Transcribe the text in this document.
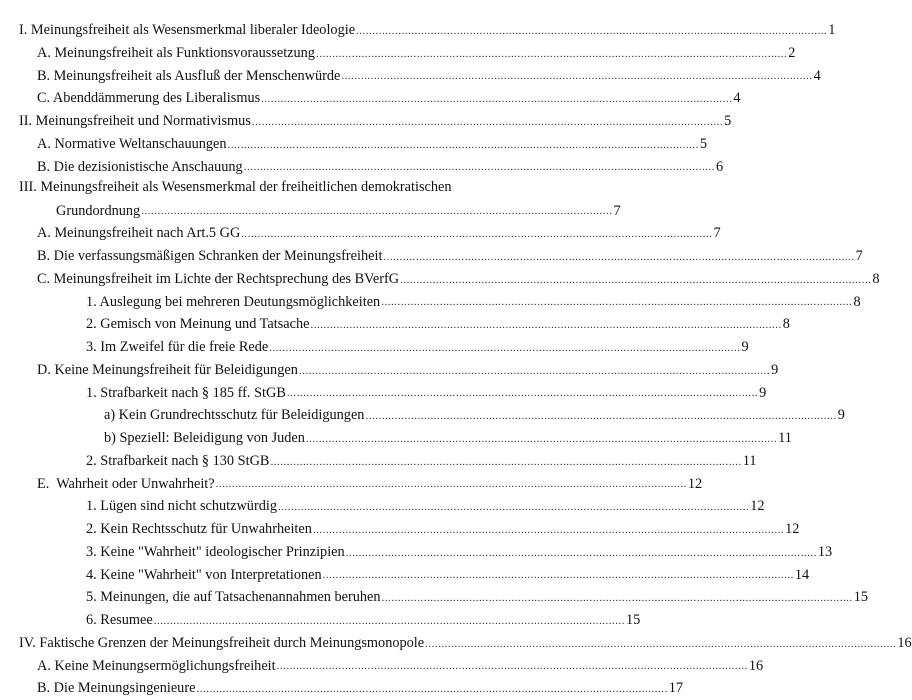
I. Meinungsfreiheit als Wesensmerkmal liberaler Ideologie ................................................................................................................................................. 1
A. Meinungsfreiheit als Funktionsvoraussetzung ................................................................................................................................................. 2
B. Meinungsfreiheit als Ausfluß der Menschenwürde ................................................................................................................................................. 4
C. Abenddämmerung des Liberalismus ................................................................................................................................................. 4
II. Meinungsfreiheit und Normativismus ................................................................................................................................................. 5
A. Normative Weltanschauungen ................................................................................................................................................. 5
B. Die dezisionistische Anschauung ................................................................................................................................................. 6
III. Meinungsfreiheit als Wesensmerkmal der freiheitlichen demokratischen
Grundordnung ................................................................................................................................................. 7
A. Meinungsfreiheit nach Art.5 GG ................................................................................................................................................. 7
B. Die verfassungsmäßigen Schranken der Meinungsfreiheit ................................................................................................................................................. 7
C. Meinungsfreiheit im Lichte der Rechtsprechung des BVerfG ................................................................................................................................................. 8
1. Auslegung bei mehreren Deutungsmöglichkeiten ................................................................................................................................................. 8
2. Gemisch von Meinung und Tatsache ................................................................................................................................................. 8
3. Im Zweifel für die freie Rede ................................................................................................................................................. 9
D. Keine Meinungsfreiheit für Beleidigungen ................................................................................................................................................. 9
1. Strafbarkeit nach § 185 ff. StGB ................................................................................................................................................. 9
a) Kein Grundrechtsschutz für Beleidigungen ................................................................................................................................................. 9
b) Speziell: Beleidigung von Juden ................................................................................................................................................. 11
2. Strafbarkeit nach § 130 StGB ................................................................................................................................................. 11
E.  Wahrheit oder Unwahrheit? ................................................................................................................................................. 12
1. Lügen sind nicht schutzwürdig ................................................................................................................................................. 12
2. Kein Rechtsschutz für Unwahrheiten ................................................................................................................................................. 12
3. Keine "Wahrheit" ideologischer Prinzipien ................................................................................................................................................. 13
4. Keine "Wahrheit" von Interpretationen ................................................................................................................................................. 14
5. Meinungen, die auf Tatsachenannahmen beruhen ................................................................................................................................................. 15
6. Resumee ................................................................................................................................................. 15
IV. Faktische Grenzen der Meinungsfreiheit durch Meinungsmonopole ................................................................................................................................................. 16
A. Keine Meinungsermöglichungsfreiheit ................................................................................................................................................. 16
B. Die Meinungsingenieure ................................................................................................................................................. 17
